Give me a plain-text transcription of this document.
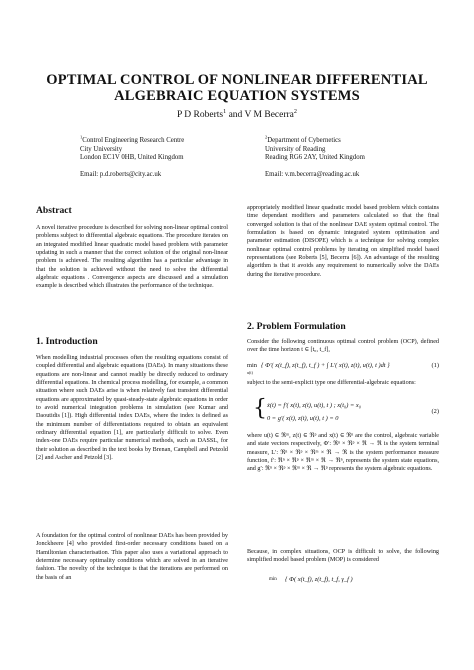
OPTIMAL CONTROL OF NONLINEAR DIFFERENTIAL
ALGEBRAIC EQUATION SYSTEMS
P D Roberts$^1$ and V M Becerra$^2$
$^1$Control Engineering Research Centre
City University
London EC1V 0HB, United Kingdom
Email: p.d.roberts@city.ac.uk
$^2$Department of Cybernetics
University of Reading
Reading RG6 2AY, United Kingdom
Email: v.m.becerra@reading.ac.uk
Abstract
A novel iterative procedure is described for solving non-linear optimal control problems subject to differential algebraic equations. The procedure iterates on an integrated modified linear quadratic model based problem with parameter updating in such a manner that the correct solution of the original non-linear problem is achieved. The resulting algorithm has a particular advantage in that the solution is achieved without the need to solve the differential algebraic equations . Convergence aspects are discussed and a simulation example is described which illustrates the performance of the technique.
1. Introduction
When modelling industrial processes often the resulting equations consist of coupled differential and algebraic equations (DAEs). In many situations these equations are non-linear and cannot readily be directly reduced to ordinary differential equations. In chemical process modelling, for example, a common situation where such DAEs arise is when relatively fast transient differential equations are approximated by quasi-steady-state algebraic equations in order to avoid numerical integration problems in simulation (see Kumar and Daoutidis [1]). High differential index DAEs, where the index is defined as the minimum number of differentiations required to obtain an equivalent ordinary differential equation [1], are particularly difficult to solve. Even index-one DAEs require particular numerical methods, such as DASSL, for their solution as described in the text books by Brenan, Campbell and Petzold [2] and Ascher and Petzold [3].
A foundation for the optimal control of nonlinear DAEs has been provided by Jonckheere [4] who provided first-order necessary conditions based on a Hamiltonian characterisation. This paper also uses a variational approach to determine necessary optimality conditions which are solved in an iterative fashion. The novelty of the technique is that the iterations are performed on the basis of an
appropriately modified linear quadratic model based problem which contains time dependant modifiers and parameters calculated so that the final converged solution is that of the nonlinear DAE system optimal control. The formulation is based on dynamic integrated system optimisation and parameter estimation (DISOPE) which is a technique for solving complex nonlinear optimal control problems by iterating on simplified model based representations (see Roberts [5], Becerra [6]). An advantage of the resulting algorithm is that it avoids any requirement to numerically solve the DAEs during the iterative procedure.
2. Problem Formulation
Consider the following continuous optimal control problem (OCP), defined over the time horizon t ∈ [t₀, t_f],
min
u(t)
{ Φ′( x(t_f), z(t_f), t_f ) + ∫ L′( x(t), z(t), u(t), t )dt }	(1)
subject to the semi-explicit type one differential-algebraic equations:
{ ẋ(t) = f′( x(t), z(t), u(t), t ) ; x(t₀) = x₀
0 = g′( x(t), z(t), u(t), t ) = 0
(2)
where u(t) ∈ ℜᵐ, z(t) ∈ ℜᵖ and x(t) ∈ ℜⁿ are the control, algebraic variable and state vectors respectively, Φ′: ℜⁿ × ℜᵖ × ℜ → ℜ is the system terminal measure, L′: ℜⁿ × ℜᵖ × ℜᵐ × ℜ → ℜ is the system performance measure function, f′: ℜⁿ × ℜᵖ × ℜᵐ × ℜ → ℜⁿ, represents the system state equations, and g′: ℜⁿ × ℜᵖ × ℜᵐ × ℜ → ℜᵖ represents the system algebraic equations.
Because, in complex situations, OCP is difficult to solve, the following simplified model based problem (MOP) is considered
min { Φ( x(t_f), z(t_f), t_f, γ_f )
